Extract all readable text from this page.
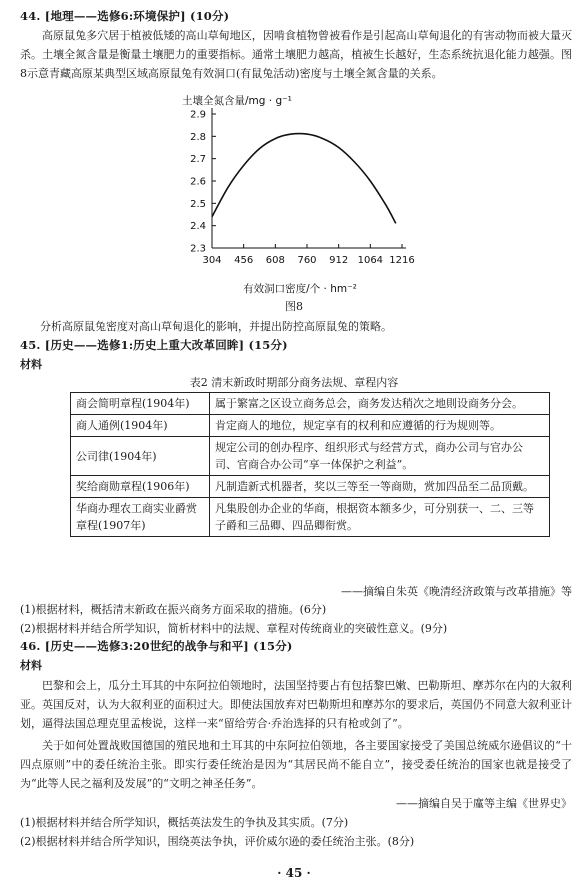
44. [地理——选修6:环境保护] (10分)
高原鼠兔多穴居于植被低矮的高山草甸地区，因啃食植物曾被看作是引起高山草甸退化的有害动物而被大量灭杀。土壤全氮含量是衡量土壤肥力的重要指标。通常土壤肥力越高，植被生长越好，生态系统抗退化能力越强。图8示意青藏高原某典型区域高原鼠兔有效洞口(有鼠兔活动)密度与土壤全氮含量的关系。
土壤全氮含量/mg · g⁻¹
2.3
2.4
2.5
2.6
2.7
2.8
2.9
304 456 608 760 912 1064 1216
有效洞口密度/个 · hm⁻²
图8
分析高原鼠兔密度对高山草甸退化的影响，并提出防控高原鼠兔的策略。
45. [历史——选修1:历史上重大改革回眸] (15分)
材料
表2 清末新政时期部分商务法规、章程内容
商会简明章程(1904年)	属于繁富之区设立商务总会，商务发达稍次之地則设商务分会。
商人通例(1904年)	肯定商人的地位，规定享有的权利和应遵循的行为规则等。
公司律(1904年)	规定公司的创办程序、组织形式与经营方式，商办公司与官办公司、官商合办公司“享一体保护之利益”。
奖给商勋章程(1906年)	凡制造新式机器者，奖以三等至一等商勋，赏加四品至二品顶戴。
华商办理农工商实业爵赏章程(1907年)	凡集股创办企业的华商，根据资本额多少，可分别获一、二、三等子爵和三品卿、四品卿衔赏。
——摘编自朱英《晚清经济政策与改革措施》等
(1)根据材料，概括清末新政在振兴商务方面采取的措施。(6分)
(2)根据材料并结合所学知识，简析材料中的法规、章程对传统商业的突破性意义。(9分)
46. [历史——选修3:20世纪的战争与和平] (15分)
材料
巴黎和会上，瓜分土耳其的中东阿拉伯领地时，法国坚持要占有包括黎巴嫩、巴勒斯坦、摩苏尔在内的大叙利亚。英国反对，认为大叙利亚的面积过大。即使法国放弃对巴勒斯坦和摩苏尔的要求后，英国仍不同意大叙利亚计划，逼得法国总理克里孟梭说，这样一来“留给劳合·乔治选择的只有枪或剑了”。
关于如何处置战败国德国的殖民地和土耳其的中东阿拉伯领地，各主要国家接受了美国总统威尔逊倡议的“十四点原则”中的委任统治主张。即实行委任统治是因为“其居民尚不能自立”，接受委任统治的国家也就是接受了为“此等人民之福利及发展”的“文明之神圣任务”。
——摘编自吴于廑等主编《世界史》
(1)根据材料并结合所学知识，概括英法发生的争执及其实质。(7分)
(2)根据材料并结合所学知识，围绕英法争执，评价威尔逊的委任统治主张。(8分)
· 45 ·
